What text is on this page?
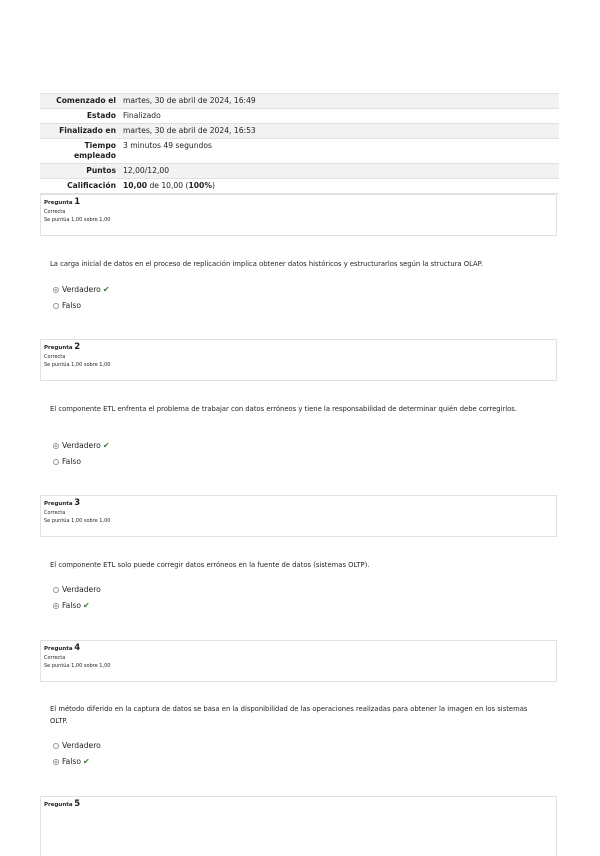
Comenzado el	martes, 30 de abril de 2024, 16:49
Estado	Finalizado
Finalizado en	martes, 30 de abril de 2024, 16:53
Tiempo empleado	3 minutos 49 segundos
Puntos	12,00/12,00
Calificación	10,00 de 10,00 (100%)
Pregunta 1
Correcta
Se puntúa 1,00 sobre 1,00
La carga inicial de datos en el proceso de replicación implica obtener datos históricos y estructurarlos según la structura OLAP.
Verdadero ✔
Falso
Pregunta 2
Correcta
Se puntúa 1,00 sobre 1,00
El componente ETL enfrenta el problema de trabajar con datos erróneos y tiene la responsabilidad de determinar quién debe corregirlos.
Verdadero ✔
Falso
Pregunta 3
Correcta
Se puntúa 1,00 sobre 1,00
El componente ETL solo puede corregir datos erróneos en la fuente de datos (sistemas OLTP).
Verdadero
Falso ✔
Pregunta 4
Correcta
Se puntúa 1,00 sobre 1,00
El método diferido en la captura de datos se basa en la disponibilidad de las operaciones realizadas para obtener la imagen en los sistemas OLTP.
Verdadero
Falso ✔
Pregunta 5
